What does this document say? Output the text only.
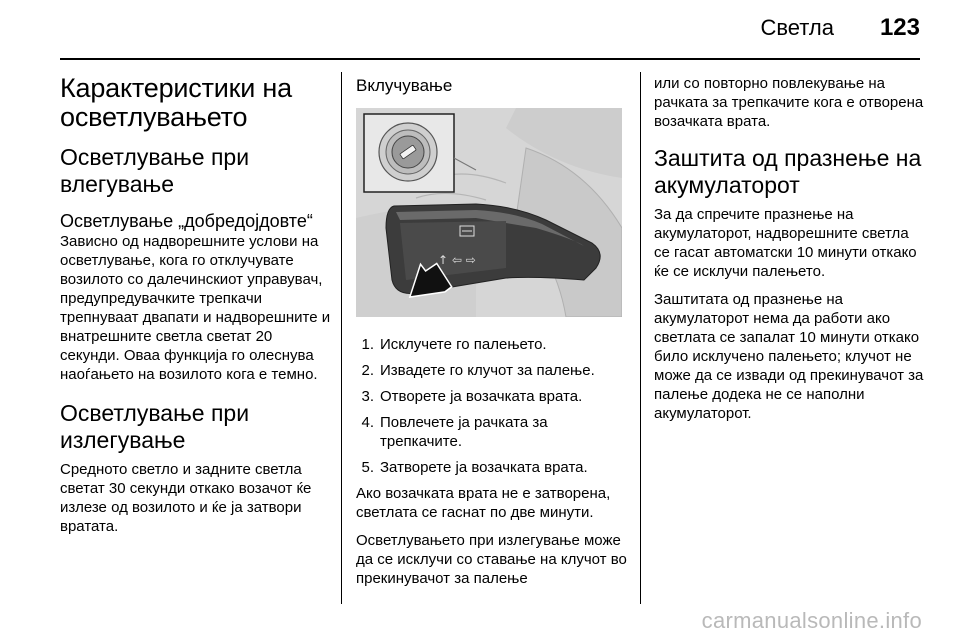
Светла 123
Карактеристики на осветлувањето
Осветлување при влегување
Осветлување „добредојдовте“
Зависно од надворешните услови на осветлување, кога го отклучувате возилото со далечинскиот управувач, предупредувачките трепкачи трепнуваат двапати и надворешните и внатрешните светла светат 20 секунди. Оваа функција го олеснува наоѓањето на возилото кога е темно.
Осветлување при излегување
Средното светло и задните светла светат 30 секунди откако возачот ќе излезе од возилото и ќе ја затвори вратата.
Вклучување
↑ ⇦ ⇨
1. Исклучете го палењето.
2. Извадете го клучот за палење.
3. Отворете ја возачката врата.
4. Повлечете ја рачката за трепкачите.
5. Затворете ја возачката врата.
Ако возачката врата не е затворена, светлата се гаснат по две минути.
Осветлувањето при излегување може да се исклучи со ставање на клучот во прекинувачот за палење
или со повторно повлекување на рачката за трепкачите кога е отворена возачката врата.
Заштита од празнење на акумулаторот
За да спречите празнење на акумулаторот, надворешните светла се гасат автоматски 10 минути откако ќе се исклучи палењето.
Заштитата од празнење на акумулаторот нема да работи ако светлата се запалат 10 минути откако било исклучено палењето; клучот не може да се извади од прекинувачот за палење додека не се наполни акумулаторот.
carmanualsonline.info
